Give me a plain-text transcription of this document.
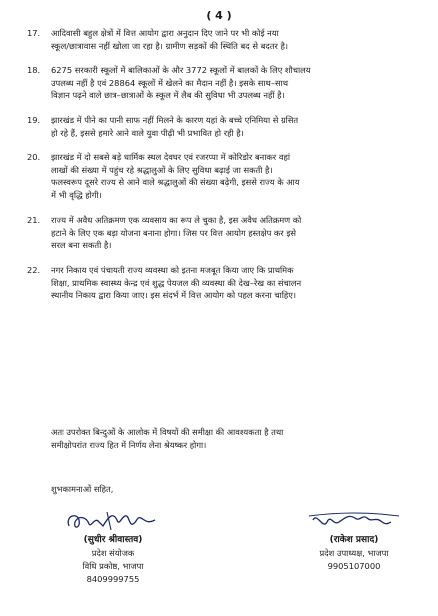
( 4 )
17. आदिवासी बहुल क्षेत्रों में वित्त आयोग द्वारा अनुदान दिए जाने पर भी कोई नया
स्कूल/छात्रावास नहीं खोला जा रहा है। ग्रामीण सड़कों की स्थिति बद से बदतर है।
18. 6275 सरकारी स्कूलों में बालिकाओं के और 3772 स्कूलों में बालकों के लिए शौचालय
उपलब्ध नहीं है एवं 28864 स्कूलों में खेलने का मैदान नहीं है। इसके साथ–साथ
विज्ञान पढ़ने वाले छात्र–छात्राओं के स्कूल में लैब की सुविधा भी उपलब्ध नहीं है।
19. झारखंड में पीने का पानी साफ नहीं मिलने के कारण यहां के बच्चे एनिमिया से ग्रसित
हो रहे हैं, इससे हमारे आने वाले युवा पीढ़ी भी प्रभावित हो रही है।
20. झारखंड में दो सबसे बड़े धार्मिक स्थल देवघर एवं रजरप्पा में कोरिडोर बनाकर वहां
लाखों की संख्या में पहुंच रहे श्रद्धालुओं के लिए सुविधा बढ़ाई जा सकती है।
फलस्वरूप दूसरे राज्य से आने वाले श्रद्धालुओं की संख्या बढ़ेगी, इससे राज्य के आय
में भी वृद्धि होगी।
21. राज्य में अवैध अतिक्रमण एक व्यवसाय का रूप ले चुका है, इस अवैध अतिक्रमण को
हटाने के लिए एक बड़ा योजना बनाना होगा। जिस पर वित्त आयोग हस्तक्षेप कर इसे
सरल बना सकती है।
22. नगर निकाय एवं पंचायती राज्य व्यवस्था को इतना मजबूत किया जाए कि प्राथमिक
शिक्षा, प्राथमिक स्वास्थ्य केन्द्र एवं शुद्ध पेयजल की व्यवस्था की देख–रेख का संचालन
स्थानीय निकाय द्वारा किया जाए। इस संदर्भ में वित्त आयोग को पहल करना चाहिए।
अतः उपरोक्त बिन्दुओं के आलोक में विषयों की समीक्षा की आवश्यकता है तथा
समीक्षोपरांत राज्य हित में निर्णय लेना श्रेयष्कर होगा।
शुभकामनाओं सहित,
(सुधीर श्रीवास्तव)
प्रदेश संयोजक
विधि प्रकोष्ठ, भाजपा
8409999755
(राकेश प्रसाद)
प्रदेश उपाध्यक्ष, भाजपा
9905107000
